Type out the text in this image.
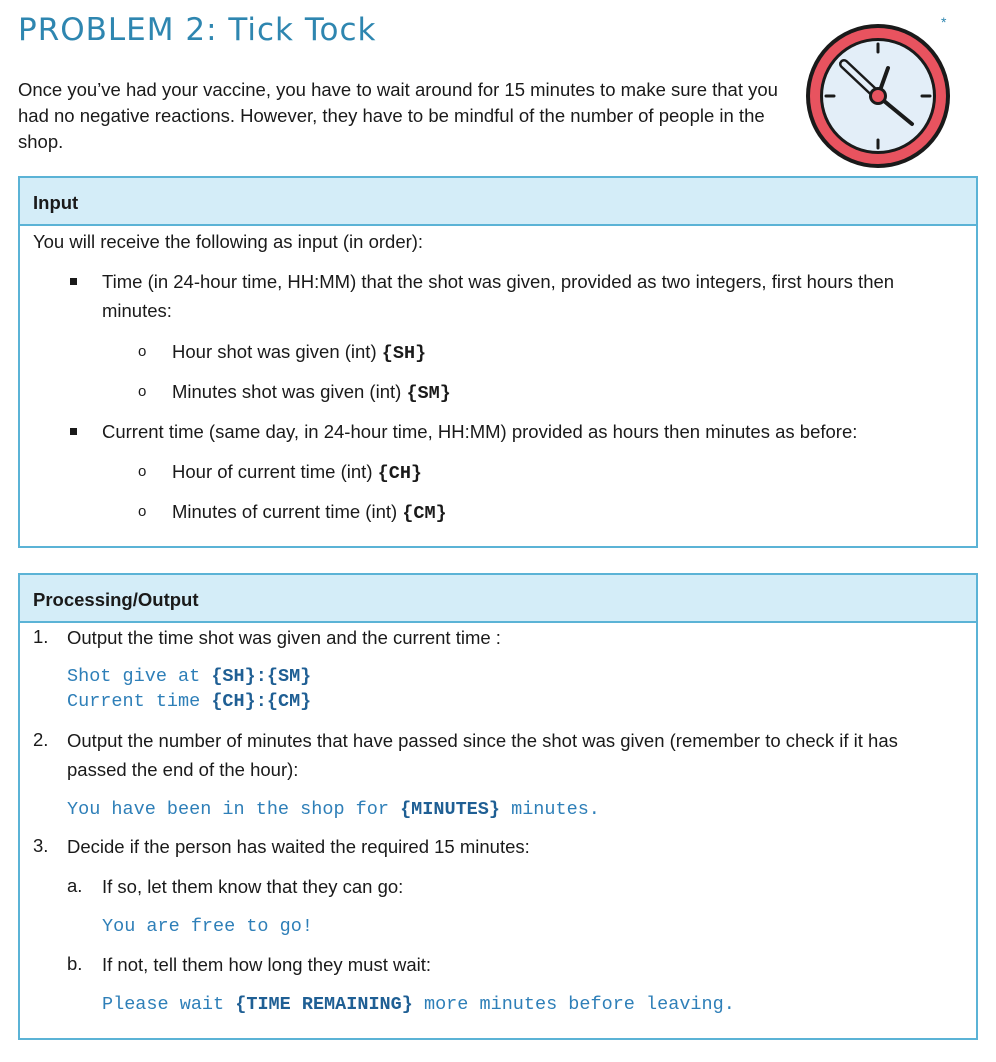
PROBLEM 2: Tick Tock	*

Once you’ve had your vaccine, you have to wait around for 15 minutes to make sure that you had no negative reactions. However, they have to be mindful of the number of people in the shop.

Input
You will receive the following as input (in order):
Time (in 24-hour time, HH:MM) that the shot was given, provided as two integers, first hours then
minutes:
o Hour shot was given (int) {SH}
o Minutes shot was given (int) {SM}
Current time (same day, in 24-hour time, HH:MM) provided as hours then minutes as before:
o Hour of current time (int) {CH}
o Minutes of current time (int) {CM}
Processing/Output
1. Output the time shot was given and the current time :
Shot give at {SH}:{SM}
Current time {CH}:{CM}
2. Output the number of minutes that have passed since the shot was given (remember to check if it has
passed the end of the hour):
You have been in the shop for {MINUTES} minutes.
3. Decide if the person has waited the required 15 minutes:
a. If so, let them know that they can go:
You are free to go!
b. If not, tell them how long they must wait:
Please wait {TIME REMAINING} more minutes before leaving.
